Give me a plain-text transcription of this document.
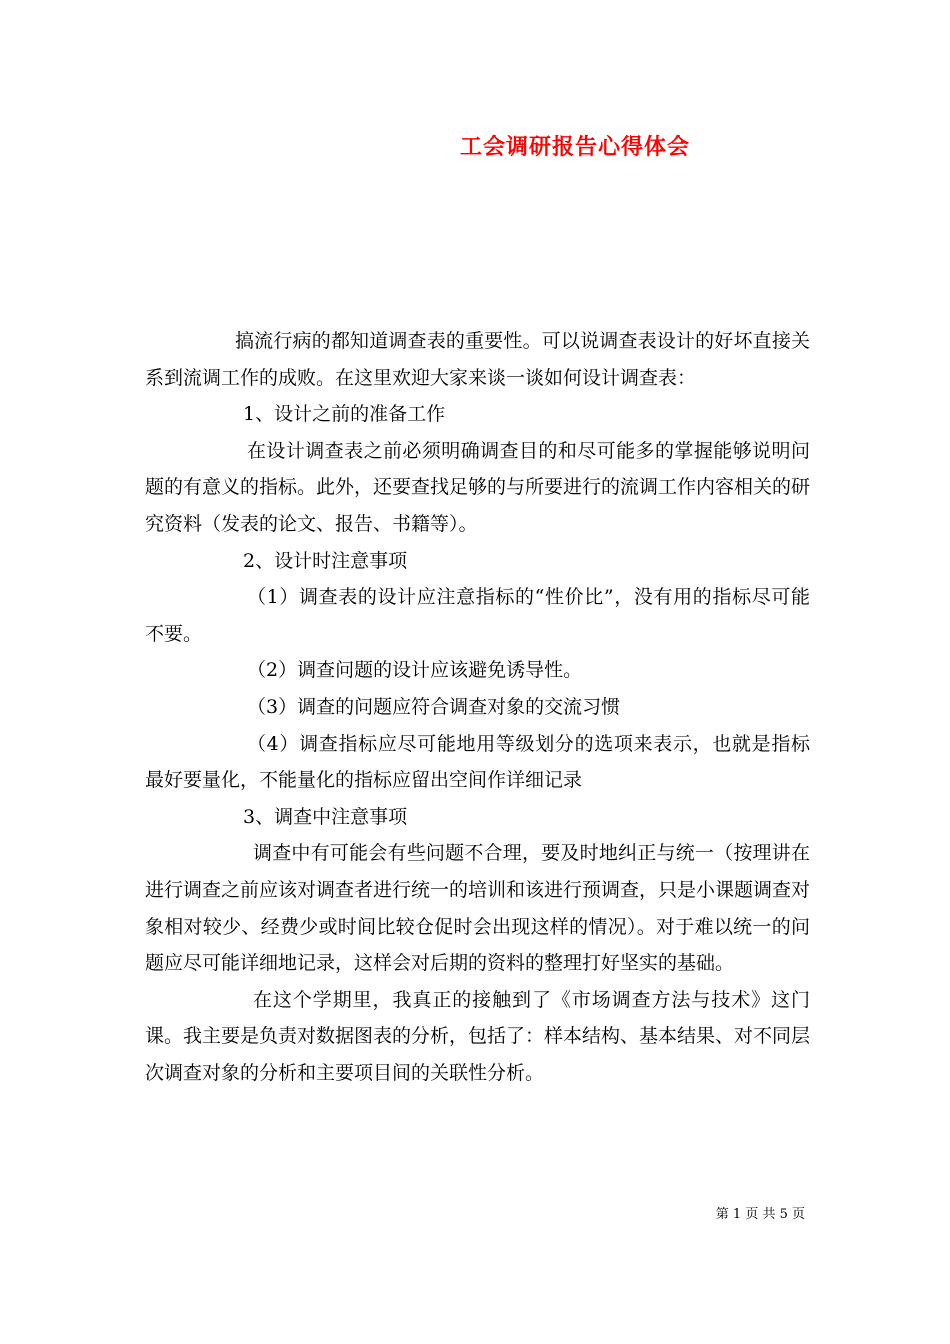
工会调研报告心得体会

搞流行病的都知道调查表的重要性。可以说调查表设计的好坏直接关系到流调工作的成败。在这里欢迎大家来谈一谈如何设计调查表：

1、设计之前的准备工作

在设计调查表之前必须明确调查目的和尽可能多的掌握能够说明问题的有意义的指标。此外，还要查找足够的与所要进行的流调工作内容相关的研究资料（发表的论文、报告、书籍等）。

2、设计时注意事项

（1）调查表的设计应注意指标的“性价比”，没有用的指标尽可能不要。

（2）调查问题的设计应该避免诱导性。

（3）调查的问题应符合调查对象的交流习惯

（4）调查指标应尽可能地用等级划分的选项来表示，也就是指标最好要量化，不能量化的指标应留出空间作详细记录

3、调查中注意事项

调查中有可能会有些问题不合理，要及时地纠正与统一（按理讲在进行调查之前应该对调查者进行统一的培训和该进行预调查，只是小课题调查对象相对较少、经费少或时间比较仓促时会出现这样的情况）。对于难以统一的问题应尽可能详细地记录，这样会对后期的资料的整理打好坚实的基础。

在这个学期里，我真正的接触到了《市场调查方法与技术》这门课。我主要是负责对数据图表的分析，包括了：样本结构、基本结果、对不同层次调查对象的分析和主要项目间的关联性分析。

第 1 页 共 5 页
